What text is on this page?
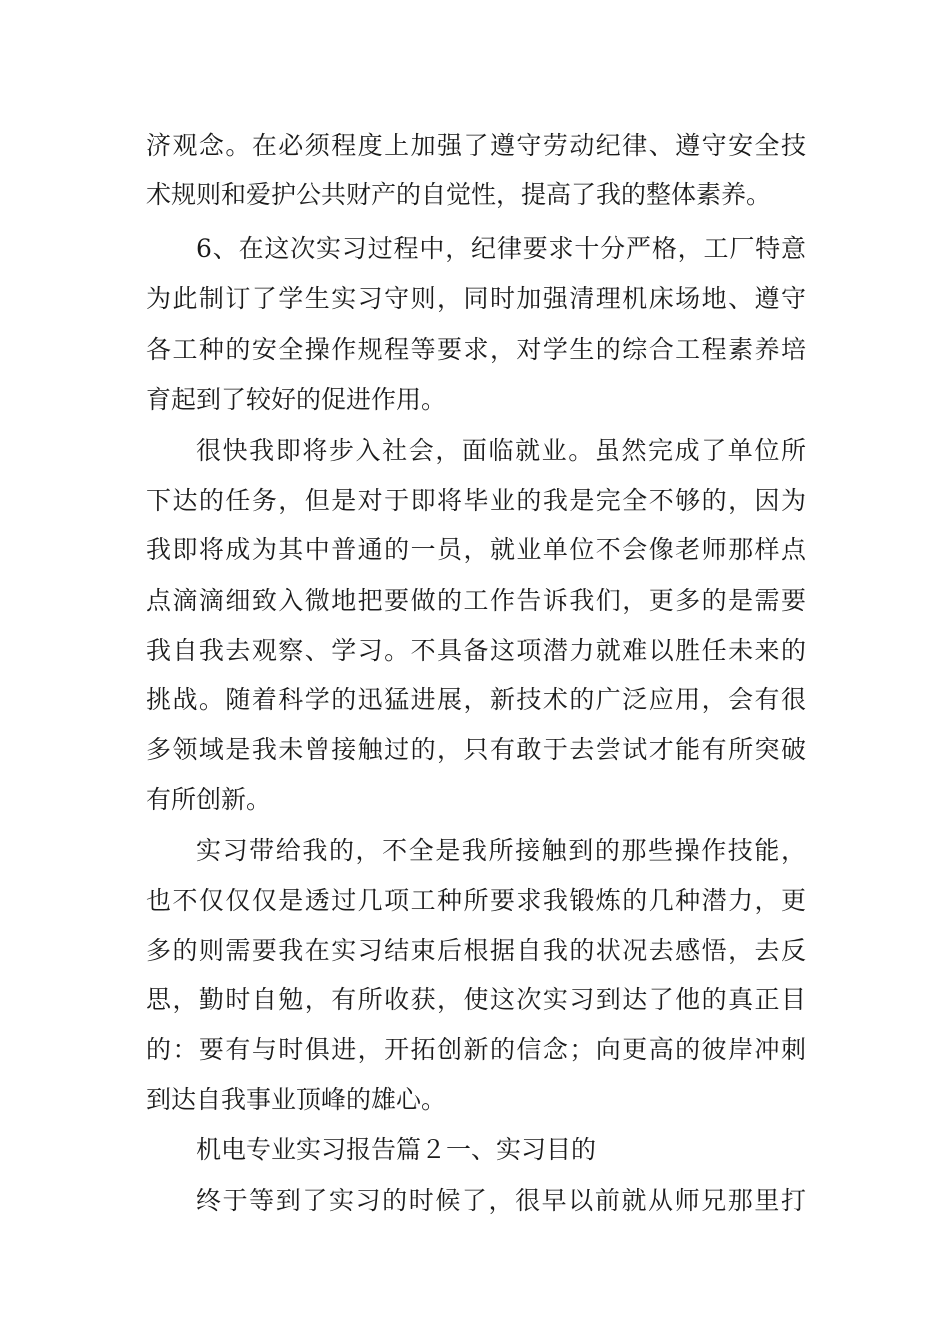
济观念。在必须程度上加强了遵守劳动纪律、遵守安全技
术规则和爱护公共财产的自觉性，提高了我的整体素养。
6、在这次实习过程中，纪律要求十分严格，工厂特意
为此制订了学生实习守则，同时加强清理机床场地、遵守
各工种的安全操作规程等要求，对学生的综合工程素养培
育起到了较好的促进作用。
很快我即将步入社会，面临就业。虽然完成了单位所
下达的任务，但是对于即将毕业的我是完全不够的，因为
我即将成为其中普通的一员，就业单位不会像老师那样点
点滴滴细致入微地把要做的工作告诉我们，更多的是需要
我自我去观察、学习。不具备这项潜力就难以胜任未来的
挑战。随着科学的迅猛进展，新技术的广泛应用，会有很
多领域是我未曾接触过的，只有敢于去尝试才能有所突破
有所创新。
实习带给我的，不全是我所接触到的那些操作技能，
也不仅仅仅是透过几项工种所要求我锻炼的几种潜力，更
多的则需要我在实习结束后根据自我的状况去感悟，去反
思，勤时自勉，有所收获，使这次实习到达了他的真正目
的：要有与时俱进，开拓创新的信念；向更高的彼岸冲刺
到达自我事业顶峰的雄心。
机电专业实习报告篇２一、实习目的
终于等到了实习的时候了，很早以前就从师兄那里打
